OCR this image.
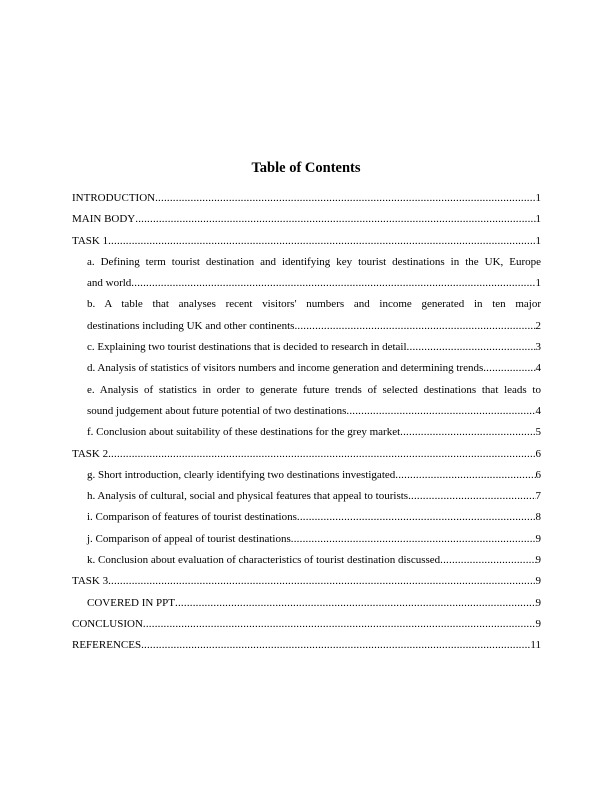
Table of Contents
INTRODUCTION .....	1
MAIN BODY .....	1
TASK 1 .....	1
a. Defining term tourist destination and identifying key tourist destinations in the UK, Europe
and world .....	1
b. A table that analyses recent visitors' numbers and income generated in ten major
destinations including UK and other continents .....	2
c. Explaining two tourist destinations that is decided to research in detail .....	3
d. Analysis of statistics of visitors numbers and income generation and determining trends .....	4
e. Analysis of statistics in order to generate future trends of selected destinations that leads to
sound judgement about future potential of two destinations .....	4
f. Conclusion about suitability of these destinations for the grey market .....	5
TASK 2 .....	6
g. Short introduction, clearly identifying two destinations investigated .....	6
h. Analysis of cultural, social and physical features that appeal to tourists .....	7
i. Comparison of features of tourist destinations .....	8
j. Comparison of appeal of tourist destinations .....	9
k. Conclusion about evaluation of characteristics of tourist destination discussed .....	9
TASK 3 .....	9
COVERED IN PPT .....	9
CONCLUSION .....	9
REFERENCES .....	11
